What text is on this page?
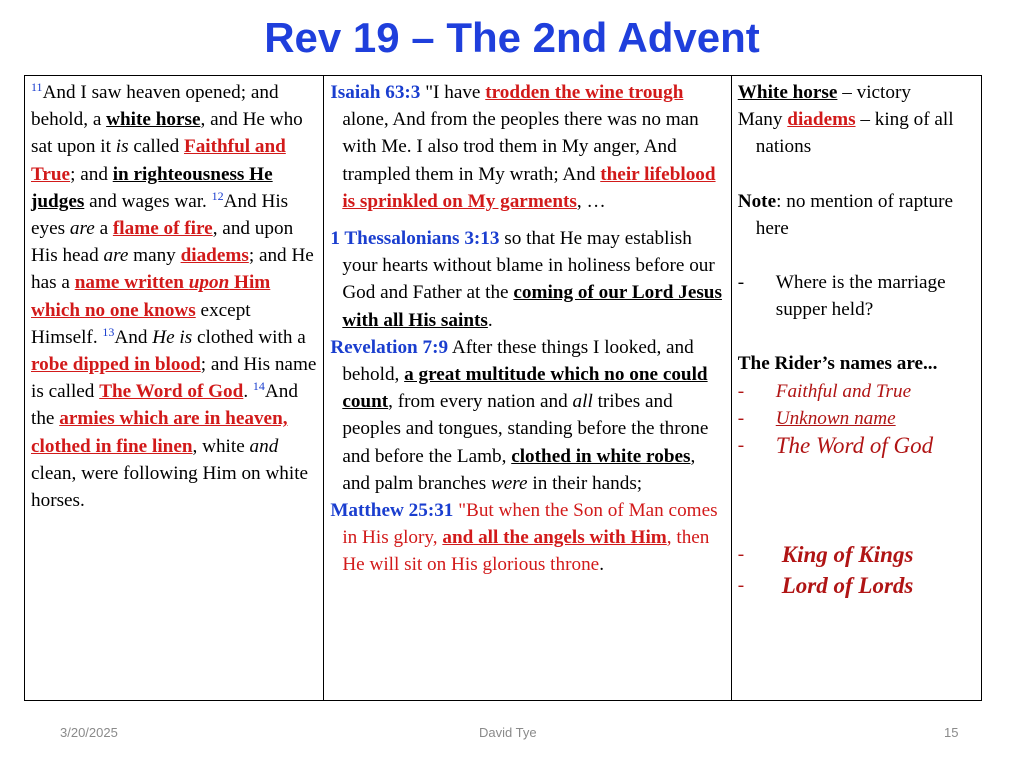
Rev 19 – The 2nd Advent
$^{11}$And I saw heaven opened; and behold, a white horse, and He who sat upon it is called Faithful and True; and in righteousness He judges and wages war. $^{12}$And His eyes are a flame of fire, and upon His head are many diadems; and He has a name written upon Him which no one knows except Himself. $^{13}$And He is clothed with a robe dipped in blood; and His name is called The Word of God. $^{14}$And the armies which are in heaven, clothed in fine linen, white and clean, were following Him on white horses.	

Isaiah 63:3 "I have trodden the wine trough alone, And from the peoples there was no man with Me. I also trod them in My anger, And trampled them in My wrath; And their lifeblood is sprinkled on My garments, …

1 Thessalonians 3:13 so that He may establish your hearts without blame in holiness before our God and Father at the coming of our Lord Jesus with all His saints.

Revelation 7:9 After these things I looked, and behold, a great multitude which no one could count, from every nation and all tribes and peoples and tongues, standing before the throne and before the Lamb, clothed in white robes, and palm branches were in their hands;

Matthew 25:31 "But when the Son of Man comes in His glory, and all the angels with Him, then He will sit on His glorious throne.

White horse – victory

Many diadems – king of all nations

Note: no mention of rapture here

-	Where is the marriage supper held?

The Rider’s names are...

-	Faithful and True
-	Unknown name
-	The Word of God
-	King of Kings
-	Lord of Lords
3/20/2025	David Tye	15
